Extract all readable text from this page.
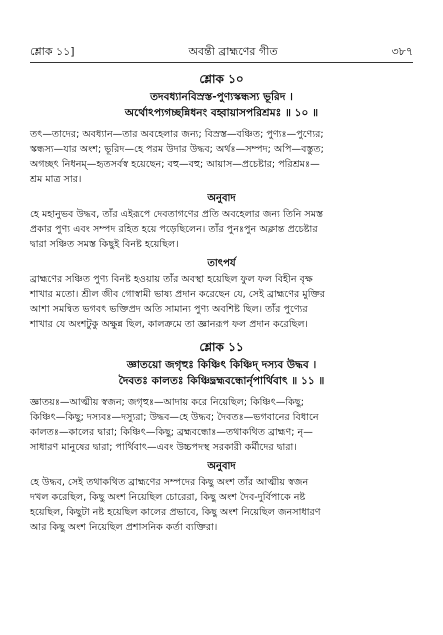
শ্লোক ১১]	অবন্তী ব্রাহ্মণের গীত	৩৮৭
শ্লোক ১০
তদবধ্যানবিস্রস্ত-পুণ্যস্কন্ধস্য ভূরিদ ।
অর্থোঽপ্যগচ্ছন্নিধনং বহ্বায়াসপরিশ্রমঃ ॥ ১০ ॥

তৎ—তাদের; অবধ্যান—তার অবহেলার জন্য; বিস্রস্ত—বঞ্চিত; পুণ্যঃ—পুণ্যের;

স্কন্ধস্য—যার অংশ; ভূরিদ—হে পরম উদার উদ্ধব; অর্থঃ—সম্পদ; অপি—বস্তুত;

অগচ্ছৎ নিধনম্—হৃতসর্বস্ব হয়েছেন; বহু—বহু; আয়াস—প্রচেষ্টার; পরিশ্রমঃ—

শ্রম মাত্র সার।

অনুবাদ

হে মহানুভব উদ্ধব, তাঁর এইরূপে দেবতাগণের প্রতি অবহেলার জন্য তিনি সমস্ত

প্রকার পুণ্য এবং সম্পদ রহিত হয়ে পড়েছিলেন। তাঁর পুনঃপুন অক্লান্ত প্রচেষ্টার

দ্বারা সঞ্চিত সমস্ত কিছুই বিনষ্ট হয়েছিল।

তাৎপর্য

ব্রাহ্মণের সঞ্চিত পুণ্য বিনষ্ট হওয়ায় তাঁর অবস্থা হয়েছিল ফুল ফল বিহীন বৃক্ষ

শাখার মতো। শ্রীল জীব গোস্বামী ভাষ্য প্রদান করেছেন যে, সেই ব্রাহ্মণের মুক্তির

আশা সমন্বিত ভগবৎ ভক্তিপ্রদ অতি সামান্য পুণ্য অবশিষ্ট ছিল। তাঁর পুণ্যের

শাখার যে অংশটুকু অক্ষুন্ন ছিল, কালক্রমে তা জ্ঞানরূপ ফল প্রদান করেছিল।

শ্লোক ১১
জ্ঞাতয়ো জগৃহুঃ কিঞ্চিৎ কিঞ্চিদ্ দস্যব উদ্ধব ।
দৈবতঃ কালতঃ কিঞ্চিদ্ব্রহ্মবন্ধোর্নৃপার্থিবাৎ ॥ ১১ ॥

জ্ঞাতয়ঃ—আত্মীয় স্বজন; জগৃহুঃ—আদায় করে নিয়েছিল; কিঞ্চিৎ—কিছু;

কিঞ্চিৎ—কিছু; দস্যবঃ—দস্যুরা; উদ্ধব—হে উদ্ধব; দৈবতঃ—ভগবানের বিধানে

কালতঃ—কালের দ্বারা; কিঞ্চিৎ—কিছু; ব্রহ্মবন্ধোঃ—তথাকথিত ব্রাহ্মণ; নৃ—

সাধারণ মানুষের দ্বারা; পার্থিবাৎ—এবং উচ্চপদস্থ সরকারী কর্মীদের দ্বারা।

অনুবাদ

হে উদ্ধব, সেই তথাকথিত ব্রাহ্মণের সম্পদের কিছু অংশ তাঁর আত্মীয় স্বজন

দখল করেছিল, কিছু অংশ নিয়েছিল চোরেরা, কিছু অংশ দৈব-দুর্বিপাকে নষ্ট

হয়েছিল, কিছুটা নষ্ট হয়েছিল কালের প্রভাবে, কিছু অংশ নিয়েছিল জনসাধারণ

আর কিছু অংশ নিয়েছিল প্রশাসনিক কর্তা ব্যক্তিরা।
